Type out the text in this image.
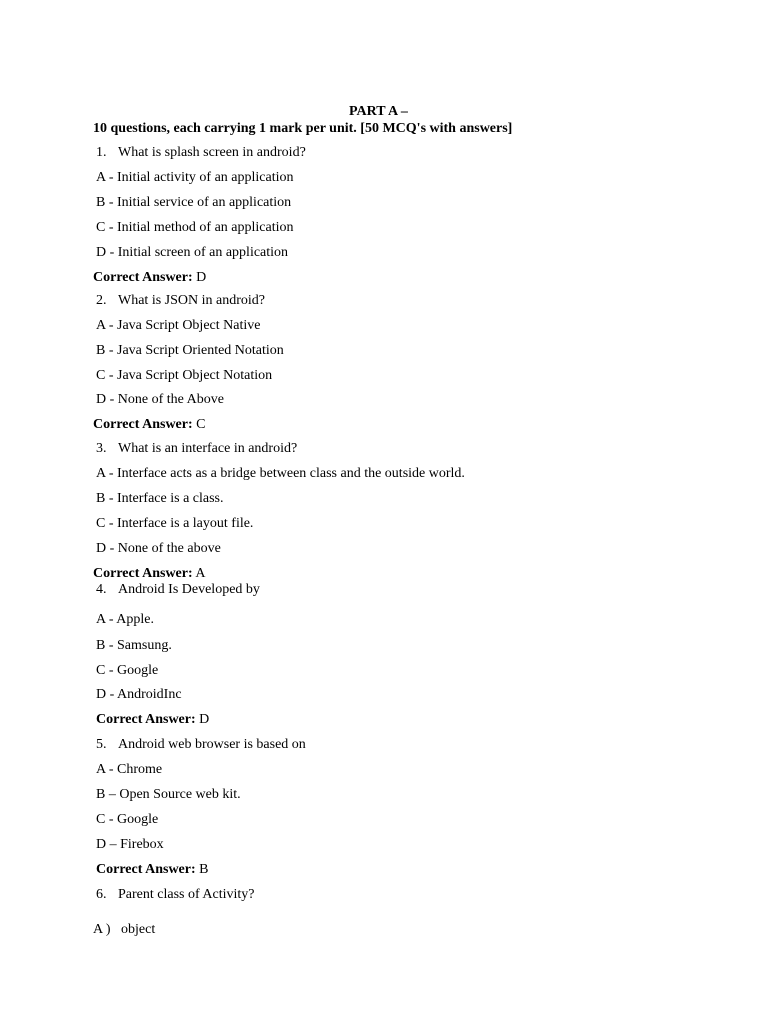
PART A –
10 questions, each carrying 1 mark per unit. [50 MCQ's with answers]
1. What is splash screen in android?
A - Initial activity of an application
B - Initial service of an application
C - Initial method of an application
D - Initial screen of an application
Correct Answer: D
2. What is JSON in android?
A - Java Script Object Native
B - Java Script Oriented Notation
C - Java Script Object Notation
D - None of the Above
Correct Answer: C
3. What is an interface in android?
A - Interface acts as a bridge between class and the outside world.
B - Interface is a class.
C - Interface is a layout file.
D - None of the above
Correct Answer: A
4. Android Is Developed by
A - Apple.
B - Samsung.
C - Google
D - AndroidInc
Correct Answer: D
5. Android web browser is based on
A - Chrome
B – Open Source web kit.
C - Google
D – Firebox
Correct Answer: B
6. Parent class of Activity?
A )   object
